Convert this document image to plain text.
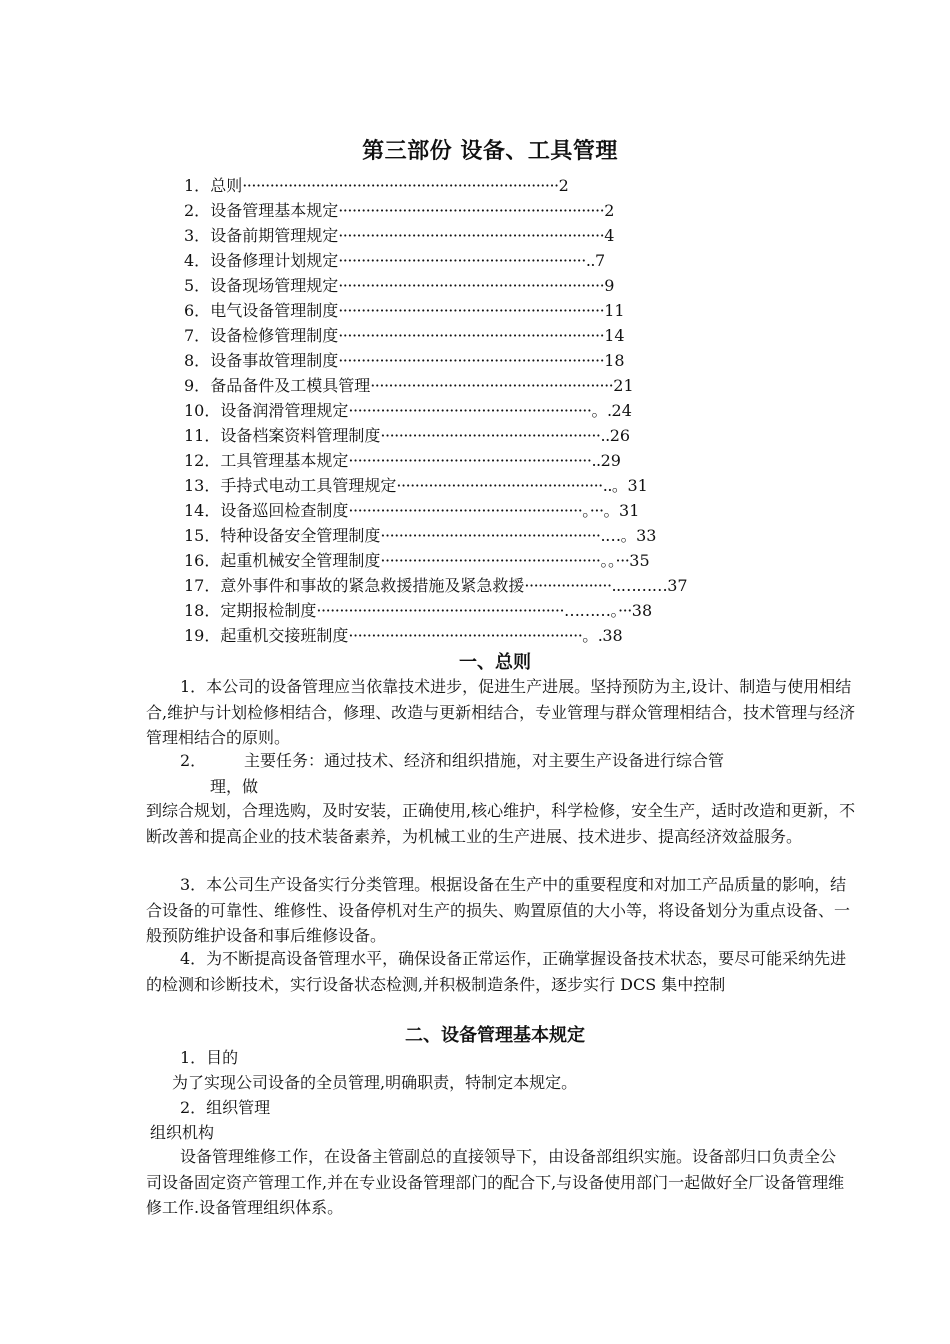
第三部份 设备、工具管理
1．总则·····································································2
2．设备管理基本规定··························································2
3．设备前期管理规定··························································4
4．设备修理计划规定······················································..7
5．设备现场管理规定··························································9
6．电气设备管理制度··························································11
7．设备检修管理制度··························································14
8．设备事故管理制度··························································18
9．备品备件及工模具管理·····················································21
10．设备润滑管理规定·····················································。.24
11．设备档案资料管理制度················································..26
12．工具管理基本规定·····················································..29
13．手持式电动工具管理规定·············································..。31
14．设备巡回检查制度···················································。···。31
15．特种设备安全管理制度················································.…。33
16．起重机械安全管理制度················································。。···35
17．意外事件和事故的紧急救援措施及紧急救援···················..………37
18．定期报检制度······················································………。···38
19．起重机交接班制度···················································。.38
一、总则

1．本公司的设备管理应当依靠技术进步，促进生产进展。坚持预防为主,设计、制造与使用相结合,维护与计划检修相结合，修理、改造与更新相结合，专业管理与群众管理相结合，技术管理与经济管理相结合的原则。

2． 主要任务：通过技术、经济和组织措施，对主要生产设备进行综合管

理，做

到综合规划，合理选购，及时安装，正确使用,核心维护，科学检修，安全生产，适时改造和更新，不断改善和提高企业的技术装备素养，为机械工业的生产进展、技术进步、提高经济效益服务。

3．本公司生产设备实行分类管理。根据设备在生产中的重要程度和对加工产品质量的影响，结合设备的可靠性、维修性、设备停机对生产的损失、购置原值的大小等，将设备划分为重点设备、一般预防维护设备和事后维修设备。

4．为不断提高设备管理水平，确保设备正常运作，正确掌握设备技术状态，要尽可能采纳先进的检测和诊断技术，实行设备状态检测,并积极制造条件，逐步实行 DCS 集中控制

二、设备管理基本规定

1．目的

为了实现公司设备的全员管理,明确职责，特制定本规定。

2．组织管理

组织机构

设备管理维修工作，在设备主管副总的直接领导下，由设备部组织实施。设备部归口负责全公司设备固定资产管理工作,并在专业设备管理部门的配合下,与设备使用部门一起做好全厂设备管理维修工作.设备管理组织体系。
